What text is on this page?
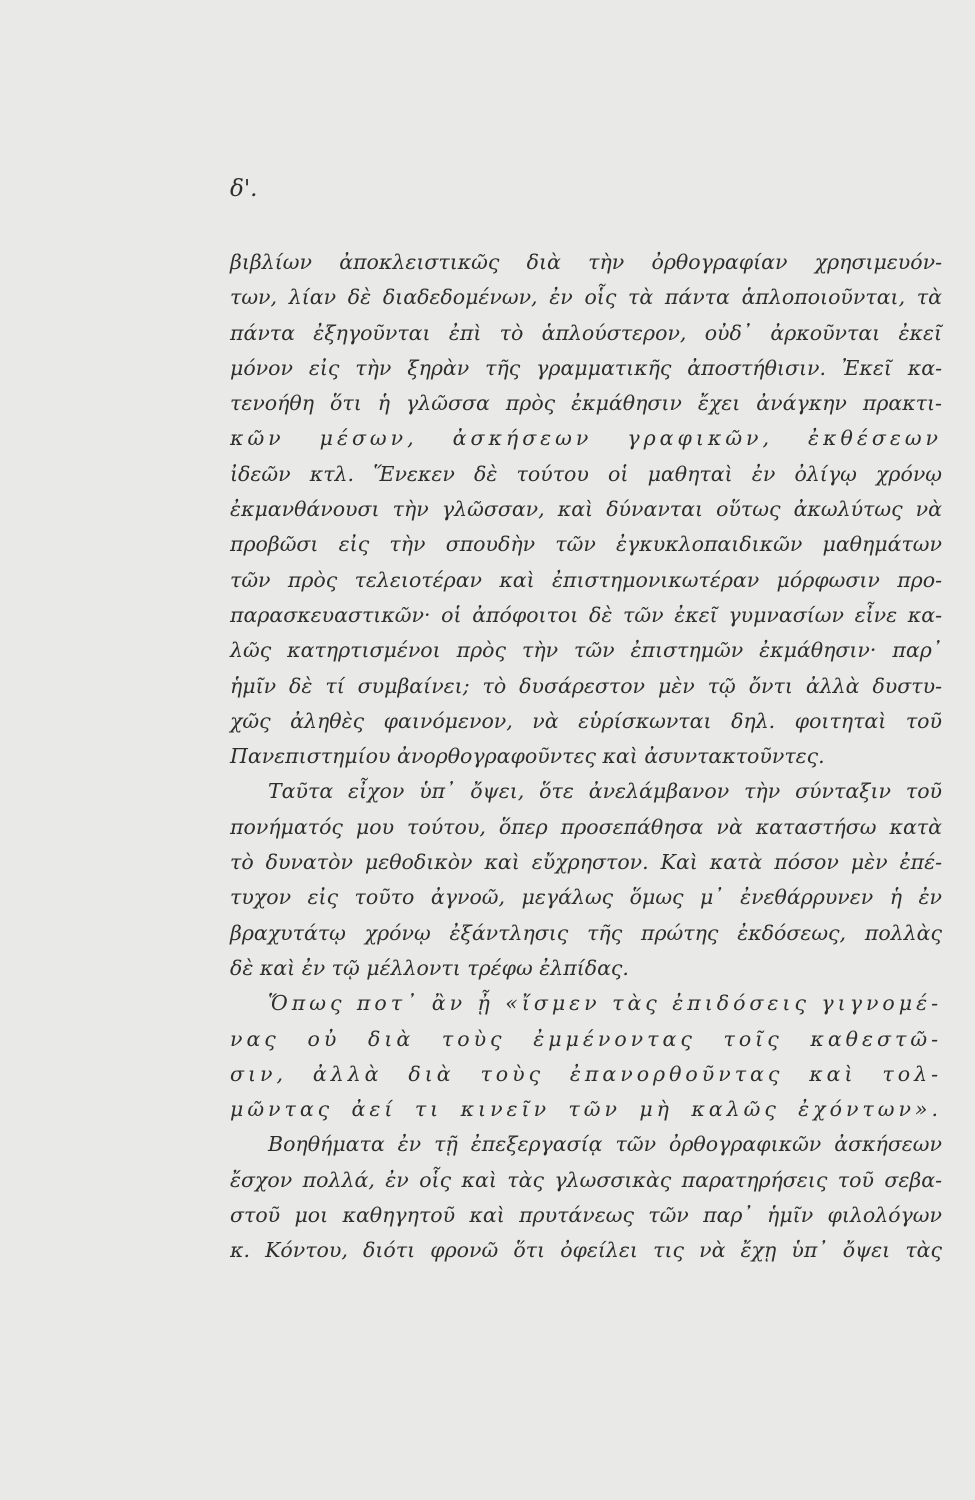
δ'.
βιβλίων ἀποκλειστικῶς διὰ τὴν ὀρθογραφίαν χρησιμευόν-
των, λίαν δὲ διαδεδομένων, ἐν οἷς τὰ πάντα ἁπλοποιοῦνται, τὰ
πάντα ἐξηγοῦνται ἐπὶ τὸ ἁπλούστερον, οὐδ᾽ ἀρκοῦνται ἐκεῖ
μόνον εἰς τὴν ξηρὰν τῆς γραμματικῆς ἀποστήθισιν. Ἐκεῖ κα-
τενοήθη ὅτι ἡ γλῶσσα πρὸς ἐκμάθησιν ἔχει ἀνάγκην πρακτι-
κῶν μέσων, ἀσκήσεων γραφικῶν, ἐκθέσεων
ἰδεῶν κτλ. Ἕνεκεν δὲ τούτου οἱ μαθηταὶ ἐν ὀλίγῳ χρόνῳ
ἐκμανθάνουσι τὴν γλῶσσαν, καὶ δύνανται οὕτως ἀκωλύτως νὰ
προβῶσι εἰς τὴν σπουδὴν τῶν ἐγκυκλοπαιδικῶν μαθημάτων
τῶν πρὸς τελειοτέραν καὶ ἐπιστημονικωτέραν μόρφωσιν προ-
παρασκευαστικῶν· οἱ ἀπόφοιτοι δὲ τῶν ἐκεῖ γυμνασίων εἶνε κα-
λῶς κατηρτισμένοι πρὸς τὴν τῶν ἐπιστημῶν ἐκμάθησιν· παρ᾽
ἡμῖν δὲ τί συμβαίνει; τὸ δυσάρεστον μὲν τῷ ὄντι ἀλλὰ δυστυ-
χῶς ἀληθὲς φαινόμενον, νὰ εὑρίσκωνται δηλ. φοιτηταὶ τοῦ
Πανεπιστημίου ἀνορθογραφοῦντες καὶ ἀσυντακτοῦντες.
Ταῦτα εἶχον ὑπ᾽ ὄψει, ὅτε ἀνελάμβανον τὴν σύνταξιν τοῦ
πονήματός μου τούτου, ὅπερ προσεπάθησα νὰ καταστήσω κατὰ
τὸ δυνατὸν μεθοδικὸν καὶ εὔχρηστον. Καὶ κατὰ πόσον μὲν ἐπέ-
τυχον εἰς τοῦτο ἀγνοῶ, μεγάλως ὅμως μ᾽ ἐνεθάρρυνεν ἡ ἐν
βραχυτάτῳ χρόνῳ ἐξάντλησις τῆς πρώτης ἐκδόσεως, πολλὰς
δὲ καὶ ἐν τῷ μέλλοντι τρέφω ἐλπίδας.
Ὅπως ποτ᾽ ἂν ᾖ «ἴσμεν τὰς ἐπιδόσεις γιγνομέ-
νας οὐ διὰ τοὺς ἐμμένοντας τοῖς καθεστῶ-
σιν, ἀλλὰ διὰ τοὺς ἐπανορθοῦντας καὶ τολ-
μῶντας ἀεί τι κινεῖν τῶν μὴ καλῶς ἐχόντων».
Βοηθήματα ἐν τῇ ἐπεξεργασίᾳ τῶν ὀρθογραφικῶν ἀσκήσεων
ἔσχον πολλά, ἐν οἷς καὶ τὰς γλωσσικὰς παρατηρήσεις τοῦ σεβα-
στοῦ μοι καθηγητοῦ καὶ πρυτάνεως τῶν παρ᾽ ἡμῖν φιλολόγων
κ. Κόντου, διότι φρονῶ ὅτι ὀφείλει τις νὰ ἔχῃ ὑπ᾽ ὄψει τὰς
